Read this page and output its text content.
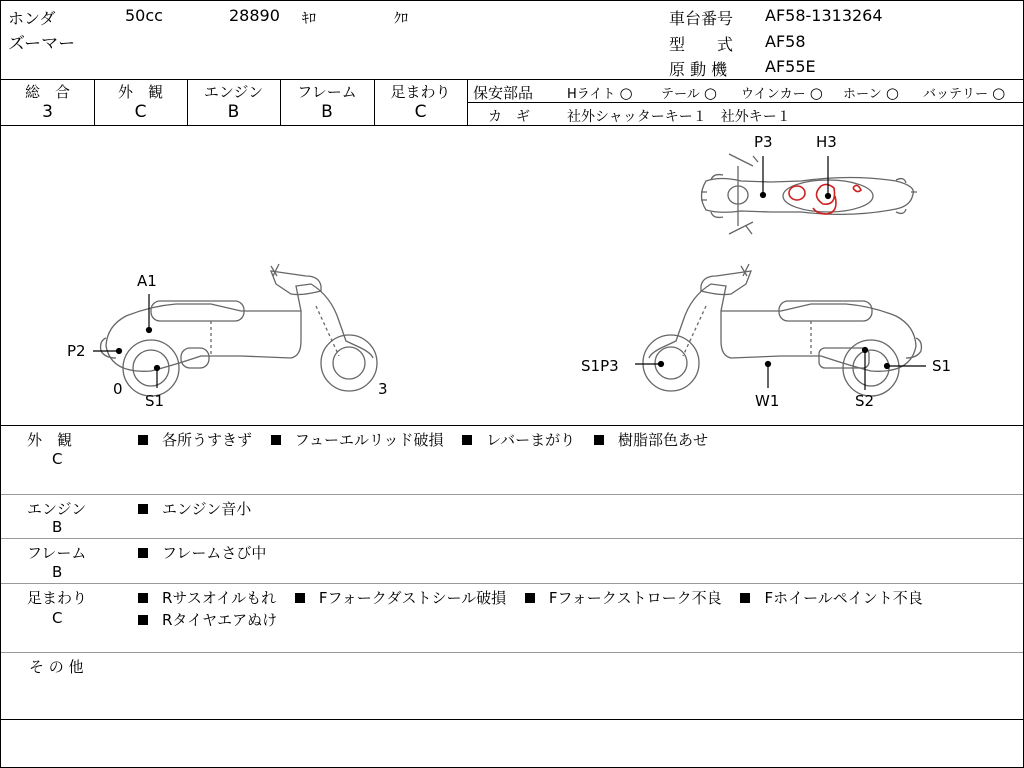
ホンダ	50cc	28890 ｷﾛ	ｸﾛ
ズーマー
車台番号 AF58-1313264
型　　式 AF58
原 動 機 AF55E
総　合
3
外　観
C
エンジン
B
フレーム
B
足まわり
C
保安部品	Hライト ○ テール ○ ウインカー ○ ホーン ○ バッテリー ○
カ　ギ	社外シャッターキー１　社外キー１
P3	H3
A1
P2
0
S1
3
S1P3
W1	S2
S1
外　観
C
各所うすきず	フューエルリッド破損	レバーまがり	樹脂部色あせ
エンジン
B
エンジン音小
フレーム
B
フレームさび中
足まわり
C
Rサスオイルもれ	Fフォークダストシール破損	Fフォークストローク不良	Fホイールペイント不良
Rタイヤエアぬけ
そ の 他
